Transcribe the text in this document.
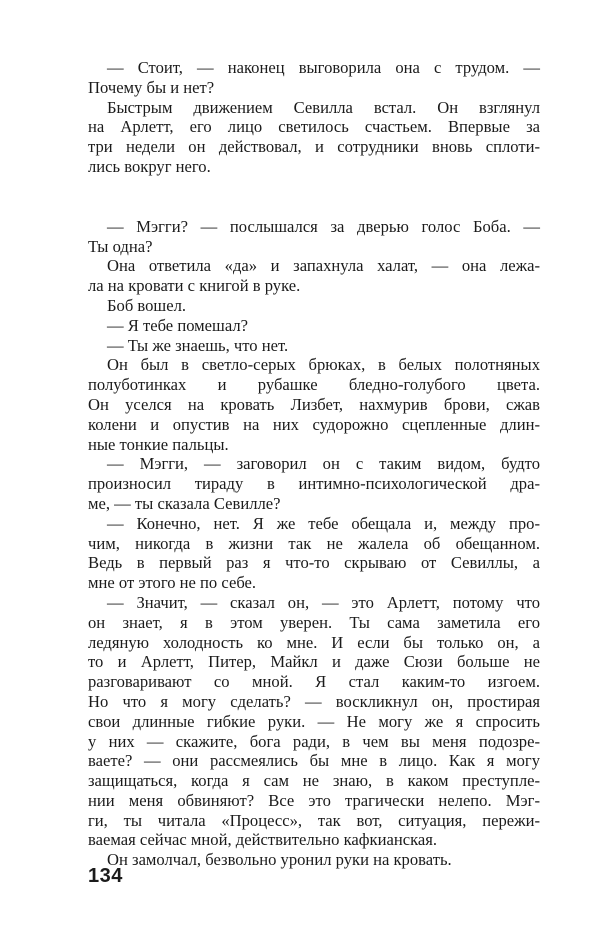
— Стоит, — наконец выговорила она с трудом. —
Почему бы и нет?
Быстрым движением Севилла встал. Он взглянул
на Арлетт, его лицо светилось счастьем. Впервые за
три недели он действовал, и сотрудники вновь сплоти-
лись вокруг него.
— Мэгги? — послышался за дверью голос Боба. —
Ты одна?
Она ответила «да» и запахнула халат, — она лежа-
ла на кровати с книгой в руке.
Боб вошел.
— Я тебе помешал?
— Ты же знаешь, что нет.
Он был в светло-серых брюках, в белых полотняных
полуботинках и рубашке бледно-голубого цвета.
Он уселся на кровать Лизбет, нахмурив брови, сжав
колени и опустив на них судорожно сцепленные длин-
ные тонкие пальцы.
— Мэгги, — заговорил он с таким видом, будто
произносил тираду в интимно-психологической дра-
ме, — ты сказала Севилле?
— Конечно, нет. Я же тебе обещала и, между про-
чим, никогда в жизни так не жалела об обещанном.
Ведь в первый раз я что-то скрываю от Севиллы, а
мне от этого не по себе.
— Значит, — сказал он, — это Арлетт, потому что
он знает, я в этом уверен. Ты сама заметила его
ледяную холодность ко мне. И если бы только он, а
то и Арлетт, Питер, Майкл и даже Сюзи больше не
разговаривают со мной. Я стал каким-то изгоем.
Но что я могу сделать? — воскликнул он, простирая
свои длинные гибкие руки. — Не могу же я спросить
у них — скажите, бога ради, в чем вы меня подозре-
ваете? — они рассмеялись бы мне в лицо. Как я могу
защищаться, когда я сам не знаю, в каком преступле-
нии меня обвиняют? Все это трагически нелепо. Мэг-
ги, ты читала «Процесс», так вот, ситуация, пережи-
ваемая сейчас мной, действительно кафкианская.
Он замолчал, безвольно уронил руки на кровать.
134
